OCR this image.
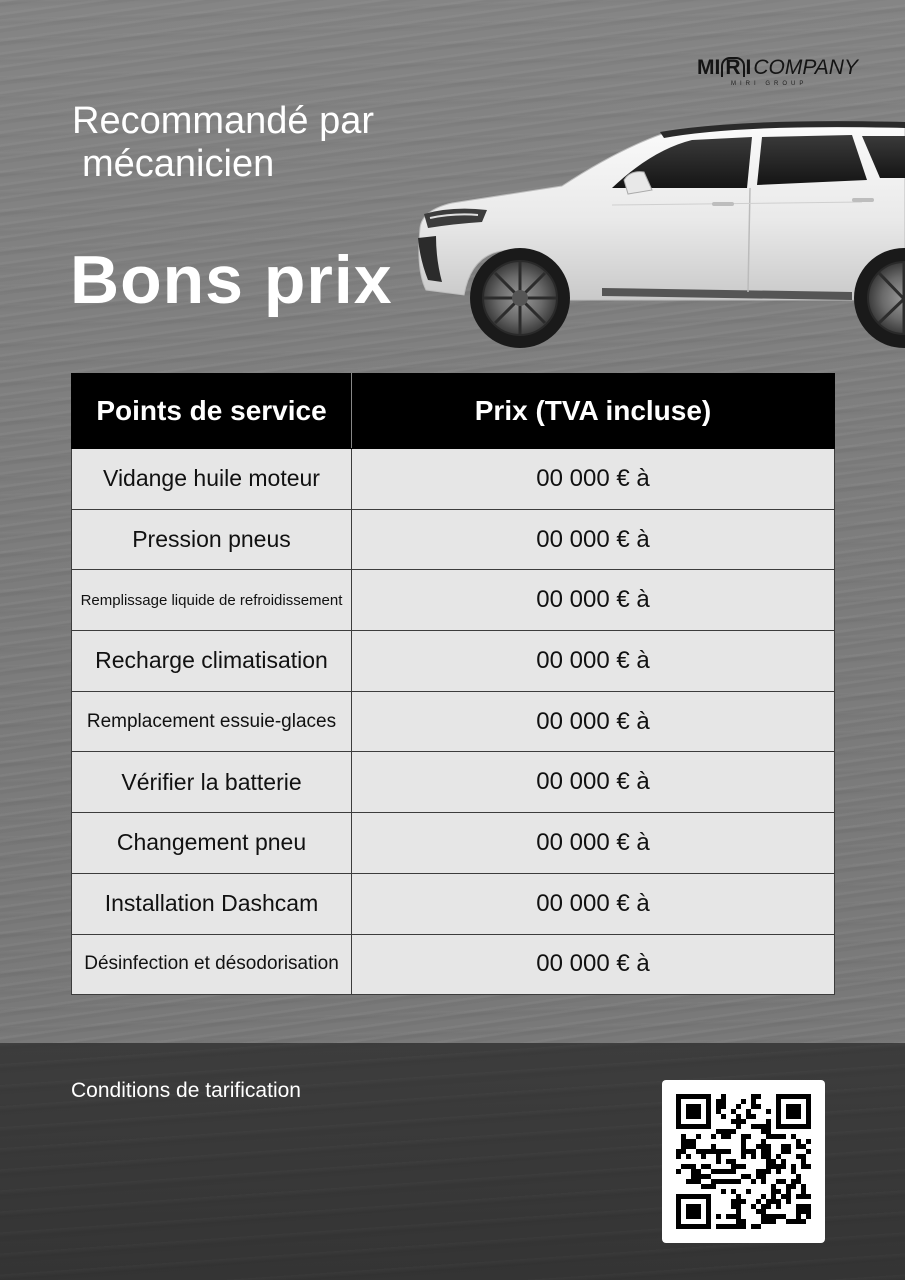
MI R I COMPANY
MIRI GROUP
Recommandé par
mécanicien
Bons prix
Points de service	Prix (TVA incluse)
Vidange huile moteur	00 000 € à
Pression pneus	00 000 € à
Remplissage liquide de refroidissement	00 000 € à
Recharge climatisation	00 000 € à
Remplacement essuie-glaces	00 000 € à
Vérifier la batterie	00 000 € à
Changement pneu	00 000 € à
Installation Dashcam	00 000 € à
Désinfection et désodorisation	00 000 € à
Conditions de tarification
